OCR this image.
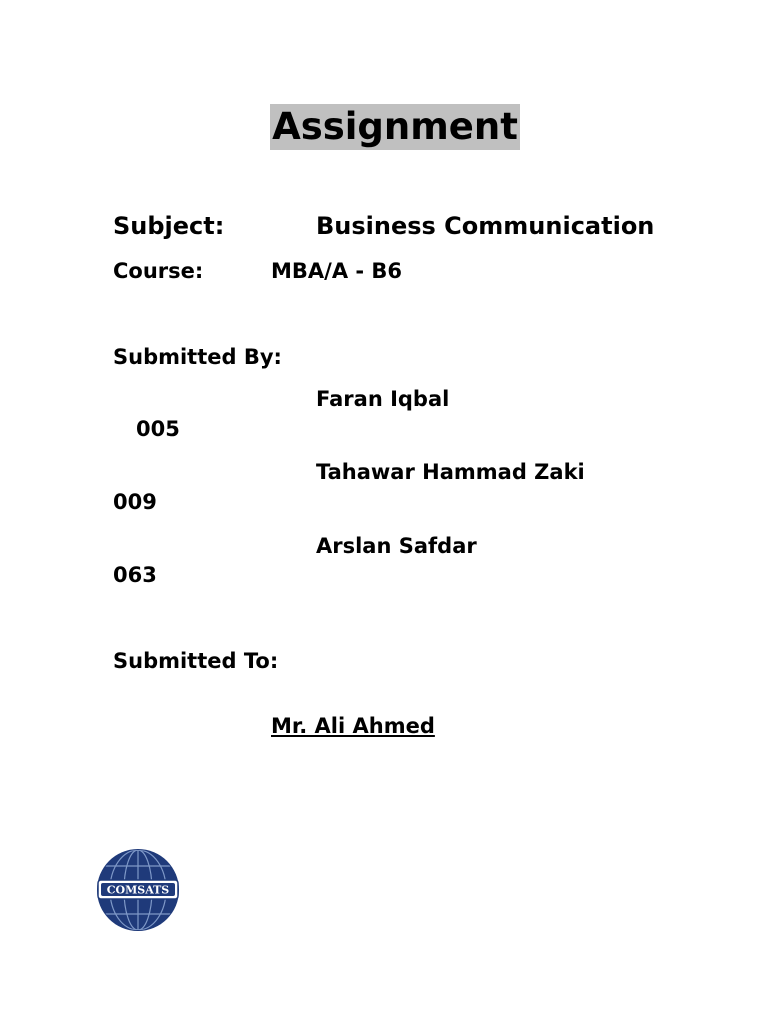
Assignment
Subject:	Business Communication
Course:	MBA/A - B6
Submitted By:
Faran Iqbal
005
Tahawar Hammad Zaki
009
Arslan Safdar
063
Submitted To:
Mr. Ali Ahmed
COMSATS
